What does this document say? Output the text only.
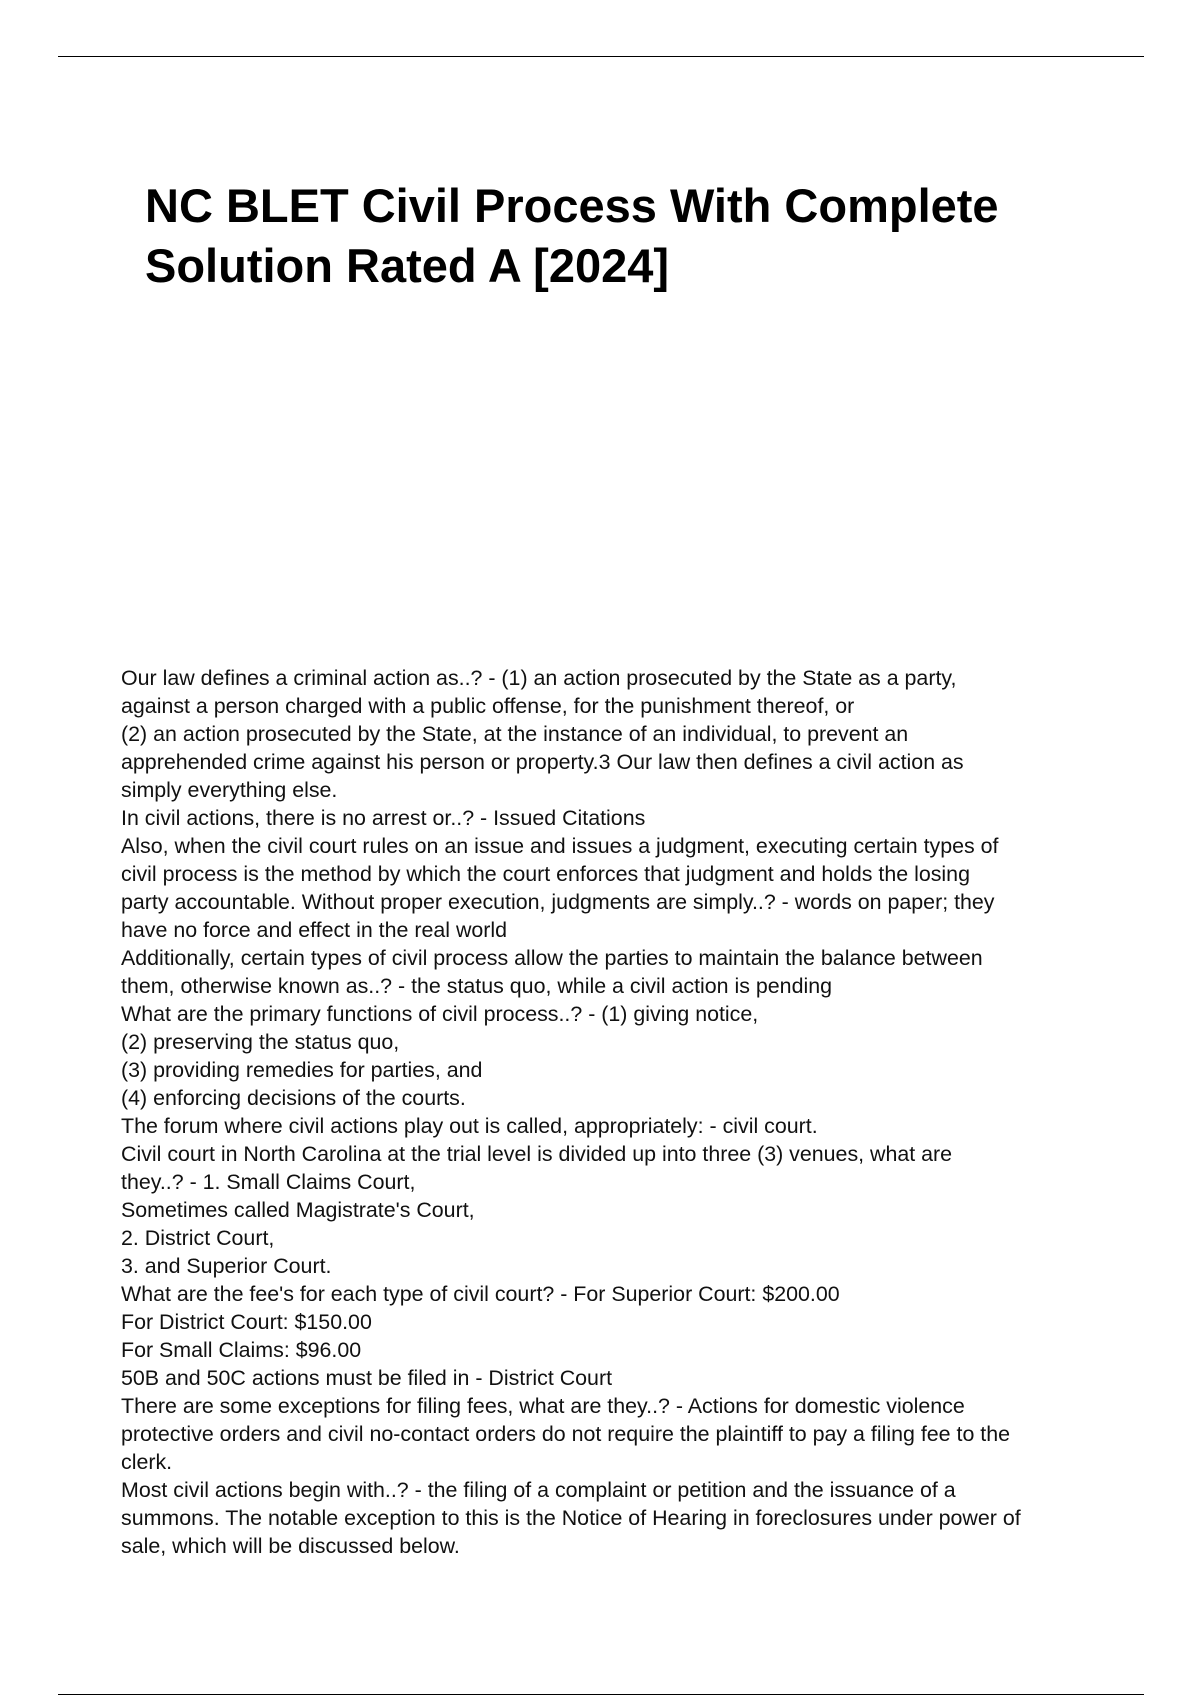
NC BLET Civil Process With Complete
Solution Rated A [2024]
Our law defines a criminal action as..? - (1) an action prosecuted by the State as a party,
against a person charged with a public offense, for the punishment thereof, or
(2) an action prosecuted by the State, at the instance of an individual, to prevent an
apprehended crime against his person or property.3 Our law then defines a civil action as
simply everything else.
In civil actions, there is no arrest or..? - Issued Citations
Also, when the civil court rules on an issue and issues a judgment, executing certain types of
civil process is the method by which the court enforces that judgment and holds the losing
party accountable. Without proper execution, judgments are simply..? - words on paper; they
have no force and effect in the real world
Additionally, certain types of civil process allow the parties to maintain the balance between
them, otherwise known as..? - the status quo, while a civil action is pending
What are the primary functions of civil process..? - (1) giving notice,
(2) preserving the status quo,
(3) providing remedies for parties, and
(4) enforcing decisions of the courts.
The forum where civil actions play out is called, appropriately: - civil court.
Civil court in North Carolina at the trial level is divided up into three (3) venues, what are
they..? - 1. Small Claims Court,
Sometimes called Magistrate's Court,
2. District Court,
3. and Superior Court.
What are the fee's for each type of civil court? - For Superior Court: $200.00
For District Court: $150.00
For Small Claims: $96.00
50B and 50C actions must be filed in - District Court
There are some exceptions for filing fees, what are they..? - Actions for domestic violence
protective orders and civil no-contact orders do not require the plaintiff to pay a filing fee to the
clerk.
Most civil actions begin with..? - the filing of a complaint or petition and the issuance of a
summons. The notable exception to this is the Notice of Hearing in foreclosures under power of
sale, which will be discussed below.
